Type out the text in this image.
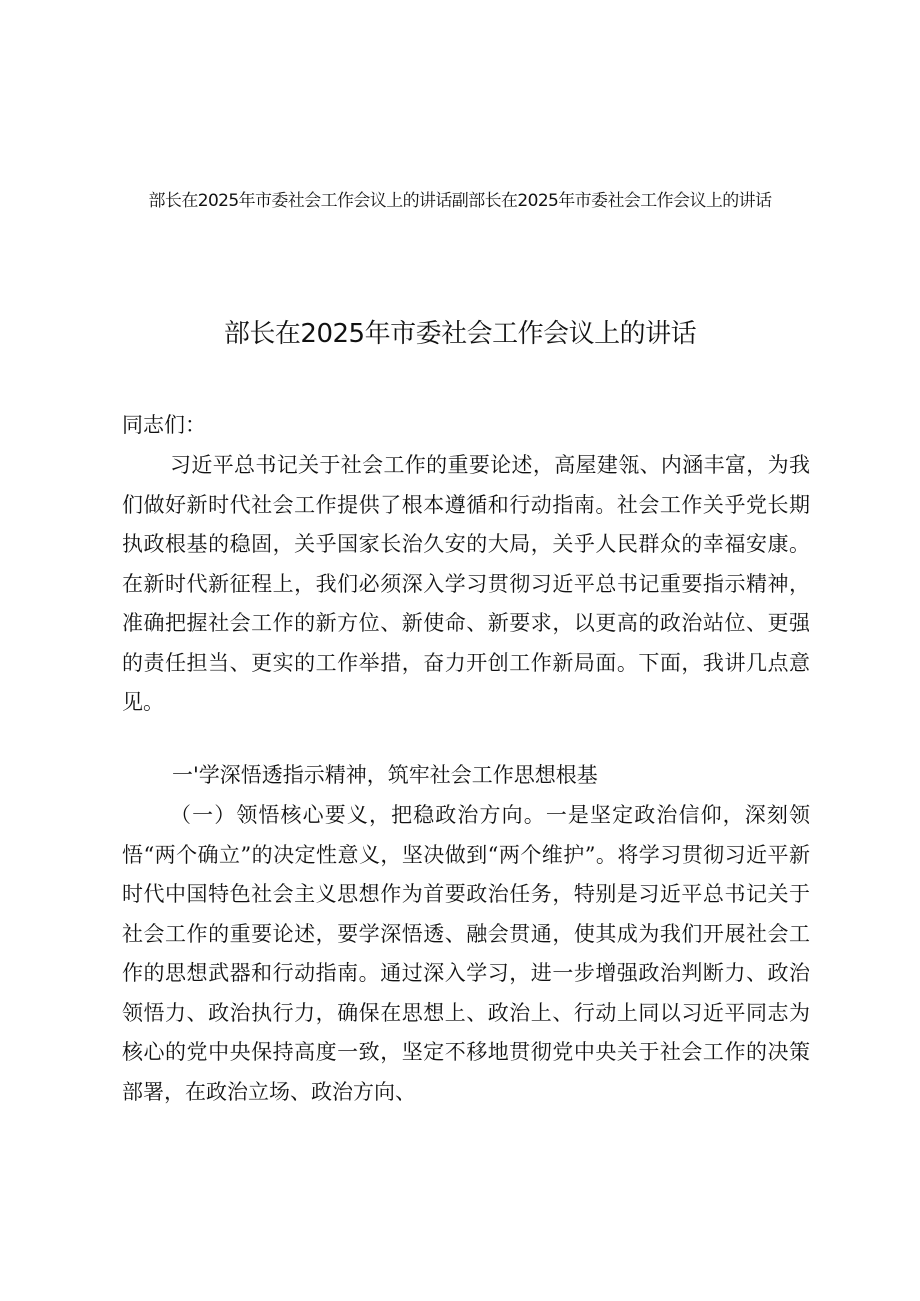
部长在2025年市委社会工作会议上的讲话副部长在2025年市委社会工作会议上的讲话
部长在2025年市委社会工作会议上的讲话
同志们：

习近平总书记关于社会工作的重要论述，高屋建瓴、内涵丰富，为我们做好新时代社会工作提供了根本遵循和行动指南。社会工作关乎党长期执政根基的稳固，关乎国家长治久安的大局，关乎人民群众的幸福安康。在新时代新征程上，我们必须深入学习贯彻习近平总书记重要指示精神，准确把握社会工作的新方位、新使命、新要求，以更高的政治站位、更强的责任担当、更实的工作举措，奋力开创工作新局面。下面，我讲几点意见。

一'学深悟透指示精神，筑牢社会工作思想根基

（一）领悟核心要义，把稳政治方向。一是坚定政治信仰，深刻领悟“两个确立”的决定性意义，坚决做到“两个维护”。将学习贯彻习近平新时代中国特色社会主义思想作为首要政治任务，特别是习近平总书记关于社会工作的重要论述，要学深悟透、融会贯通，使其成为我们开展社会工作的思想武器和行动指南。通过深入学习，进一步增强政治判断力、政治领悟力、政治执行力，确保在思想上、政治上、行动上同以习近平同志为核心的党中央保持高度一致，坚定不移地贯彻党中央关于社会工作的决策部署，在政治立场、政治方向、
